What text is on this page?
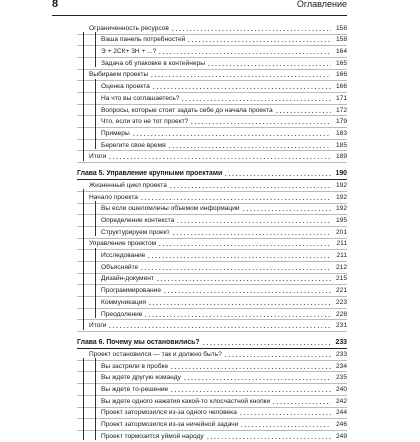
8	Оглавление
Ограниченность ресурсов	158
Ваша панель потребностей	158
Э + 2СК+ 3Н + ...?	164
Задача об упаковке в контейнеры	165
Выбираем проекты	166
Оценка проекта	166
На что вы соглашаетесь?	171
Вопросы, которые стоит задать себе до начала проекта	172
Что, если это не тот проект?	179
Примеры	183
Берегите свое время	185
Итоги	189
Глава 5. Управление крупными проектами	190
Жизненный цикл проекта	192
Начало проекта	192
Вы если ошеломлены объемом информации	192
Определение контекста	195
Структурируем проект	201
Управление проектом	211
Исследование	211
Объясняйте	212
Дизайн-документ	215
Программирование	221
Коммуникация	223
Преодоление	228
Итоги	231
Глава 6. Почему мы остановились?	233
Проект остановился — так и должно быть?	233
Вы застряли в пробке	234
Вы ждете другую команду	235
Вы ждете то-решение	240
Вы ждете одного нажатия какой-то хлосчастной кнопки	242
Проект затормозился из-за одного человека	244
Проект затормозился из-за ничейной задачи	246
Проект тормозится уймой народу	249
